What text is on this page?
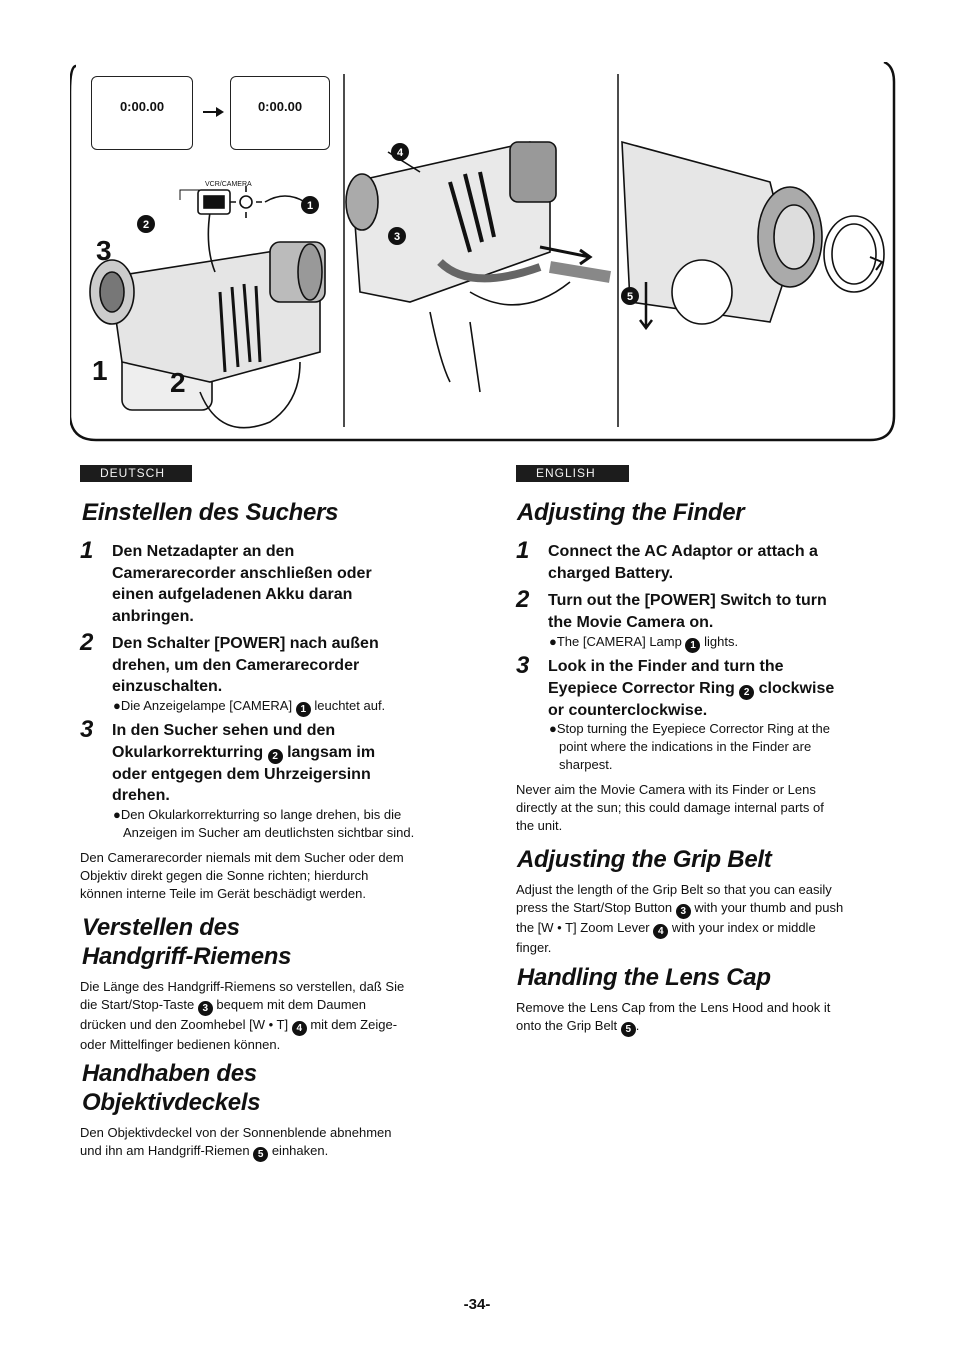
1
2
3
4
5
3
1 2
VCR/CAMERA
0:00.00	0:00.00
DEUTSCH
Einstellen des Suchers
1 Den Netzadapter an den
Camerarecorder anschließen oder
einen aufgeladenen Akku daran
anbringen.
2 Den Schalter [POWER] nach außen
drehen, um den Camerarecorder
einzuschalten.
●Die Anzeigelampe [CAMERA] 1 leuchtet auf.
3 In den Sucher sehen und den
Okularkorrekturring 2 langsam im
oder entgegen dem Uhrzeigersinn
drehen.
●Den Okularkorrekturring so lange drehen, bis die
Anzeigen im Sucher am deutlichsten sichtbar sind.
Den Camerarecorder niemals mit dem Sucher oder dem
Objektiv direkt gegen die Sonne richten; hierdurch
können interne Teile im Gerät beschädigt werden.
Verstellen des
Handgriff-Riemens
Die Länge des Handgriff-Riemens so verstellen, daß Sie
die Start/Stop-Taste 3 bequem mit dem Daumen
drücken und den Zoomhebel [W • T] 4 mit dem Zeige-
oder Mittelfinger bedienen können.
Handhaben des
Objektivdeckels
Den Objektivdeckel von der Sonnenblende abnehmen
und ihn am Handgriff-Riemen 5 einhaken.
ENGLISH
Adjusting the Finder
1 Connect the AC Adaptor or attach a
charged Battery.
2 Turn out the [POWER] Switch to turn
the Movie Camera on.
●The [CAMERA] Lamp 1 lights.
3 Look in the Finder and turn the
Eyepiece Corrector Ring 2 clockwise
or counterclockwise.
●Stop turning the Eyepiece Corrector Ring at the
point where the indications in the Finder are
sharpest.
Never aim the Movie Camera with its Finder or Lens
directly at the sun; this could damage internal parts of
the unit.
Adjusting the Grip Belt
Adjust the length of the Grip Belt so that you can easily
press the Start/Stop Button 3 with your thumb and push
the [W • T] Zoom Lever 4 with your index or middle
finger.
Handling the Lens Cap
Remove the Lens Cap from the Lens Hood and hook it
onto the Grip Belt 5 .
-34-
